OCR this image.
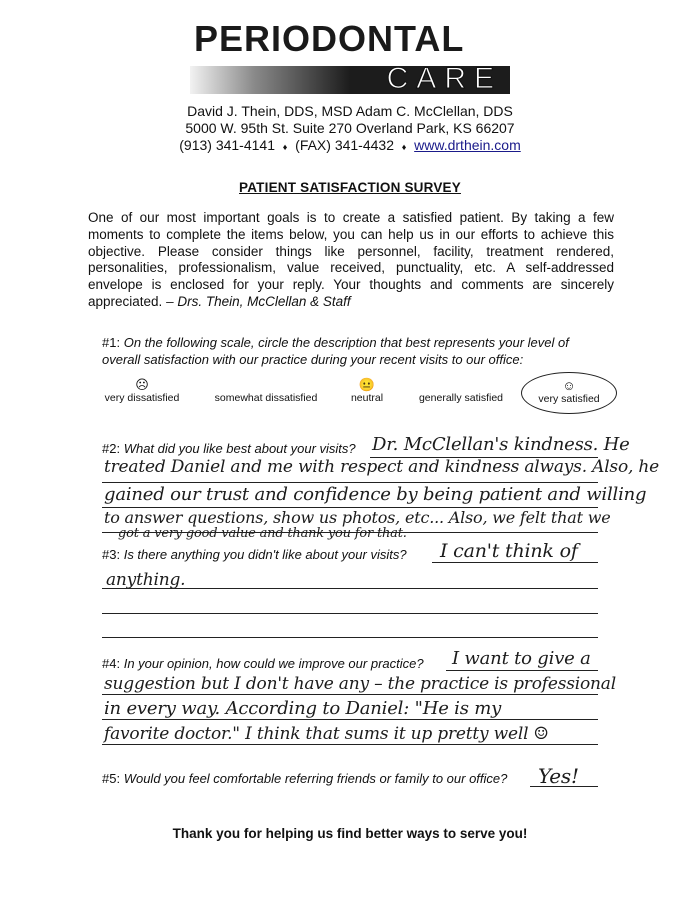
PERIODONTAL
CARE
David J. Thein, DDS, MSD Adam C. McClellan, DDS
5000 W. 95th St. Suite 270 Overland Park, KS 66207
(913) 341-4141 ♦ (FAX) 341-4432 ♦ www.drthein.com
PATIENT SATISFACTION SURVEY
One of our most important goals is to create a satisfied patient. By taking a few moments to complete the items below, you can help us in our efforts to achieve this objective. Please consider things like personnel, facility, treatment rendered, personalities, professionalism, value received, punctuality, etc. A self-addressed envelope is enclosed for your reply. Your thoughts and comments are sincerely appreciated. – Drs. Thein, McClellan & Staff
#1: On the following scale, circle the description that best represents your level of
overall satisfaction with our practice during your recent visits to our office:
☹
very dissatisfied	somewhat dissatisfied
😐
neutral	generally satisfied
☺
very satisfied
#2: What did you like best about your visits? Dr. McClellan's kindness. He
treated Daniel and me with respect and kindness always. Also, he
gained our trust and confidence by being patient and willing
to answer questions, show us photos, etc... Also, we felt that we
got a very good value and thank you for that.
#3: Is there anything you didn't like about your visits? I can't think of
anything.
#4: In your opinion, how could we improve our practice? I want to give a
suggestion but I don't have any – the practice is professional
in every way. According to Daniel: "He is my
favorite doctor." I think that sums it up pretty well ☺
#5: Would you feel comfortable referring friends or family to our office? Yes!
Thank you for helping us find better ways to serve you!
